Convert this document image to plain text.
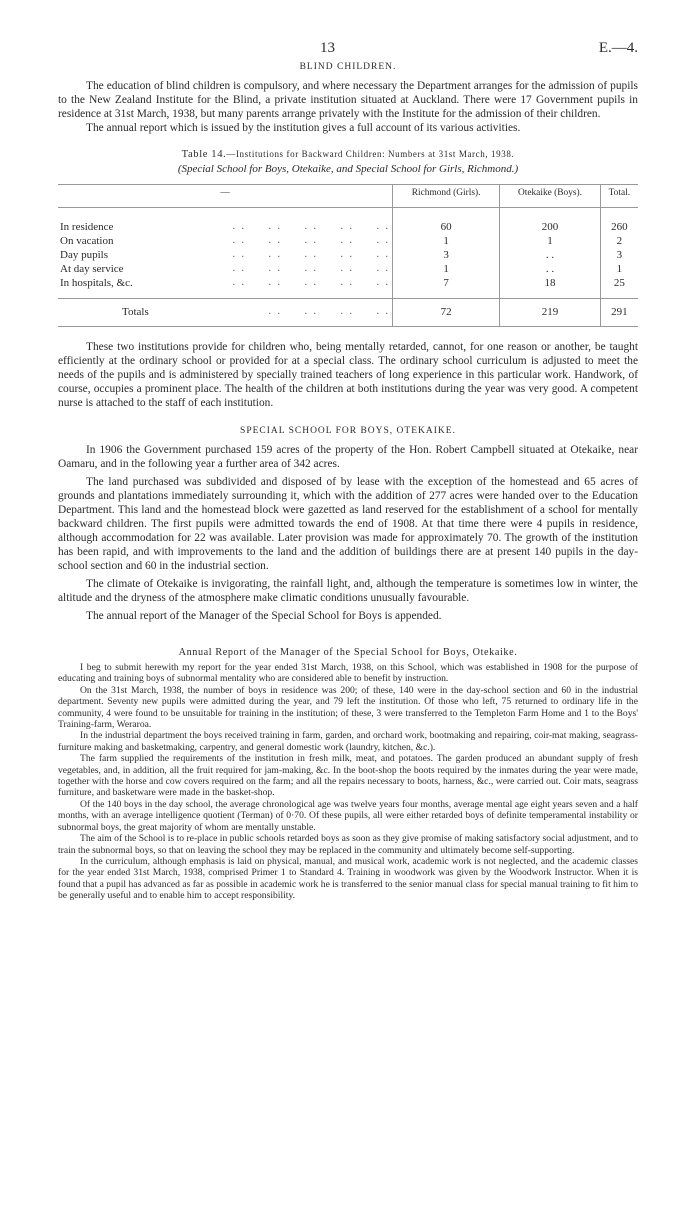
13	E.—4.
BLIND CHILDREN.

The education of blind children is compulsory, and where necessary the Department arranges for the admission of pupils to the New Zealand Institute for the Blind, a private institution situated at Auckland. There were 17 Government pupils in residence at 31st March, 1938, but many parents arrange privately with the Institute for the admission of their children.

The annual report which is issued by the institution gives a full account of its various activities.

Table 14.—Institutions for Backward Children: Numbers at 31st March, 1938.
(Special School for Boys, Otekaike, and Special School for Girls, Richmond.)
—	Richmond (Girls).	Otekaike (Boys).	Total.

In residence . .     . .     . .     . .     . .	60	200	260
On vacation . .     . .     . .     . .     . .	1	1	2
Day pupils . .     . .     . .     . .     . .	3	. .	3
At day service . .     . .     . .     . .     . .	1	. .	1
In hospitals, &c. . .     . .     . .     . .     . .	7	18	25

Totals . .     . .     . .     . .	72	219	291

These two institutions provide for children who, being mentally retarded, cannot, for one reason or another, be taught efficiently at the ordinary school or provided for at a special class. The ordinary school curriculum is adjusted to meet the needs of the pupils and is administered by specially trained teachers of long experience in this particular work. Handwork, of course, occupies a prominent place. The health of the children at both institutions during the year was very good. A competent nurse is attached to the staff of each institution.

SPECIAL SCHOOL FOR BOYS, OTEKAIKE.

In 1906 the Government purchased 159 acres of the property of the Hon. Robert Campbell situated at Otekaike, near Oamaru, and in the following year a further area of 342 acres.

The land purchased was subdivided and disposed of by lease with the exception of the homestead and 65 acres of grounds and plantations immediately surrounding it, which with the addition of 277 acres were handed over to the Education Department. This land and the homestead block were gazetted as land reserved for the establishment of a school for mentally backward children. The first pupils were admitted towards the end of 1908. At that time there were 4 pupils in residence, although accommodation for 22 was available. Later provision was made for approximately 70. The growth of the institution has been rapid, and with improvements to the land and the addition of buildings there are at present 140 pupils in the day-school section and 60 in the industrial section.

The climate of Otekaike is invigorating, the rainfall light, and, although the temperature is sometimes low in winter, the altitude and the dryness of the atmosphere make climatic conditions unusually favourable.

The annual report of the Manager of the Special School for Boys is appended.

Annual Report of the Manager of the Special School for Boys, Otekaike.

I beg to submit herewith my report for the year ended 31st March, 1938, on this School, which was established in 1908 for the purpose of educating and training boys of subnormal mentality who are considered able to benefit by instruction.

On the 31st March, 1938, the number of boys in residence was 200; of these, 140 were in the day-school section and 60 in the industrial department. Seventy new pupils were admitted during the year, and 79 left the institution. Of those who left, 75 returned to ordinary life in the community, 4 were found to be unsuitable for training in the institution; of these, 3 were transferred to the Templeton Farm Home and 1 to the Boys' Training-farm, Weraroa.

In the industrial department the boys received training in farm, garden, and orchard work, bootmaking and repairing, coir-mat making, seagrass-furniture making and basketmaking, carpentry, and general domestic work (laundry, kitchen, &c.).

The farm supplied the requirements of the institution in fresh milk, meat, and potatoes. The garden produced an abundant supply of fresh vegetables, and, in addition, all the fruit required for jam-making, &c. In the boot-shop the boots required by the inmates during the year were made, together with the horse and cow covers required on the farm; and all the repairs necessary to boots, harness, &c., were carried out. Coir mats, seagrass furniture, and basketware were made in the basket-shop.

Of the 140 boys in the day school, the average chronological age was twelve years four months, average mental age eight years seven and a half months, with an average intelligence quotient (Terman) of 0·70. Of these pupils, all were either retarded boys of definite temperamental instability or subnormal boys, the great majority of whom are mentally unstable.

The aim of the School is to re-place in public schools retarded boys as soon as they give promise of making satisfactory social adjustment, and to train the subnormal boys, so that on leaving the school they may be replaced in the community and ultimately become self-supporting.

In the curriculum, although emphasis is laid on physical, manual, and musical work, academic work is not neglected, and the academic classes for the year ended 31st March, 1938, comprised Primer 1 to Standard 4. Training in woodwork was given by the Woodwork Instructor. When it is found that a pupil has advanced as far as possible in academic work he is transferred to the senior manual class for special manual training to fit him to be generally useful and to enable him to accept responsibility.
